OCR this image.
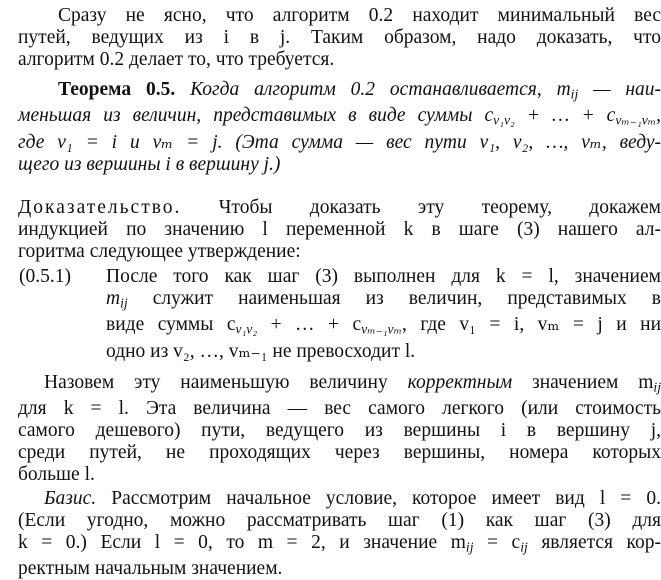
Сразу не ясно, что алгоритм 0.2 находит минимальный вес
путей, ведущих из i в j. Таким образом, надо доказать, что
алгоритм 0.2 делает то, что требуется.

Теорема 0.5. Когда алгоритм 0.2 останавливается, $m_{ij}$ — наи-
меньшая из величин, представимых в виде суммы $c_{v_1v_2}$ + … + $c_{v_{m-1}v_m}$,
где v₁ = i и vₘ = j. (Эта сумма — вес пути v₁, v₂, …, vₘ, веду-
щего из вершины i в вершину j.)

Доказательство. Чтобы доказать эту теорему, докажем
индукцией по значению l переменной k в шаге (3) нашего ал-
горитма следующее утверждение:

(0.5.1) После того как шаг (3) выполнен для k = l, значением
$m_{ij}$ служит наименьшая из величин, представимых в
виде суммы $c_{v_1v_2}$ + … + $c_{v_{m-1}v_m}$, где v₁ = i, vₘ = j и ни
одно из v₂, …, vₘ₋₁ не превосходит l.

Назовем эту наименьшую величину корректным значением $m_{ij}$
для k = l. Эта величина — вес самого легкого (или стоимость
самого дешевого) пути, ведущего из вершины i в вершину j,
среди путей, не проходящих через вершины, номера которых
больше l.

Базис. Рассмотрим начальное условие, которое имеет вид l = 0.
(Если угодно, можно рассматривать шаг (1) как шаг (3) для
k = 0.) Если l = 0, то m = 2, и значение $m_{ij} = c_{ij}$ является кор-
ректным начальным значением.
